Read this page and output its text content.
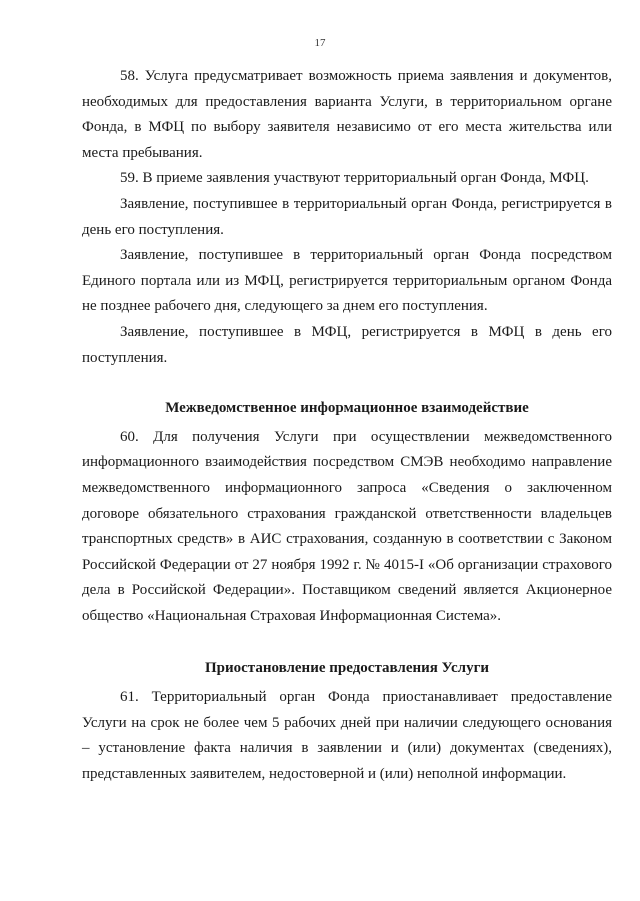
17

58. Услуга предусматривает возможность приема заявления и документов, необходимых для предоставления варианта Услуги, в территориальном органе Фонда, в МФЦ по выбору заявителя независимо от его места жительства или места пребывания.

59. В приеме заявления участвуют территориальный орган Фонда, МФЦ.

Заявление, поступившее в территориальный орган Фонда, регистрируется в день его поступления.

Заявление, поступившее в территориальный орган Фонда посредством Единого портала или из МФЦ, регистрируется территориальным органом Фонда не позднее рабочего дня, следующего за днем его поступления.

Заявление, поступившее в МФЦ, регистрируется в МФЦ в день его поступления.

Межведомственное информационное взаимодействие

60. Для получения Услуги при осуществлении межведомственного информационного взаимодействия посредством СМЭВ необходимо направление межведомственного информационного запроса «Сведения о заключенном договоре обязательного страхования гражданской ответственности владельцев транспортных средств» в АИС страхования, созданную в соответствии с Законом Российской Федерации от 27 ноября 1992 г. № 4015-I «Об организации страхового дела в Российской Федерации». Поставщиком сведений является Акционерное общество «Национальная Страховая Информационная Система».

Приостановление предоставления Услуги

61. Территориальный орган Фонда приостанавливает предоставление Услуги на срок не более чем 5 рабочих дней при наличии следующего основания – установление факта наличия в заявлении и (или) документах (сведениях), представленных заявителем, недостоверной и (или) неполной информации.
